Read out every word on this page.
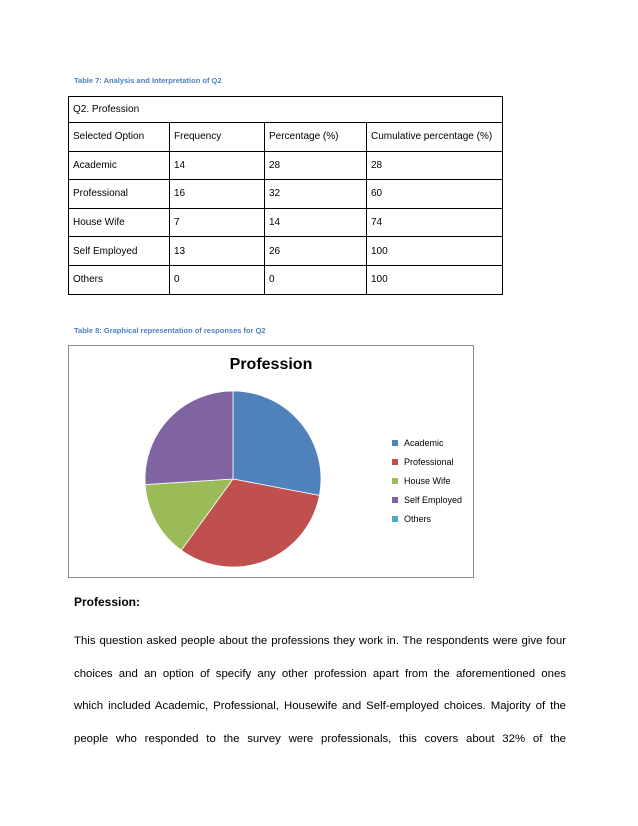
Table 7: Analysis and Interpretation of Q2
Q2. Profession			
Selected Option	Frequency	Percentage (%)	Cumulative percentage (%)
Academic	14	28	28
Professional	16	32	60
House Wife	7	14	74
Self Employed	13	26	100
Others	0	0	100
Table 8: Graphical representation of responses for Q2
Profession
Academic
Professional
House Wife
Self Employed
Others
Profession:
This question asked people about the professions they work in. The respondents were give four
choices and an option of specify any other profession apart from the aforementioned ones
which included Academic, Professional, Housewife and Self-employed choices. Majority of the
people who responded to the survey were professionals, this covers about 32% of the
